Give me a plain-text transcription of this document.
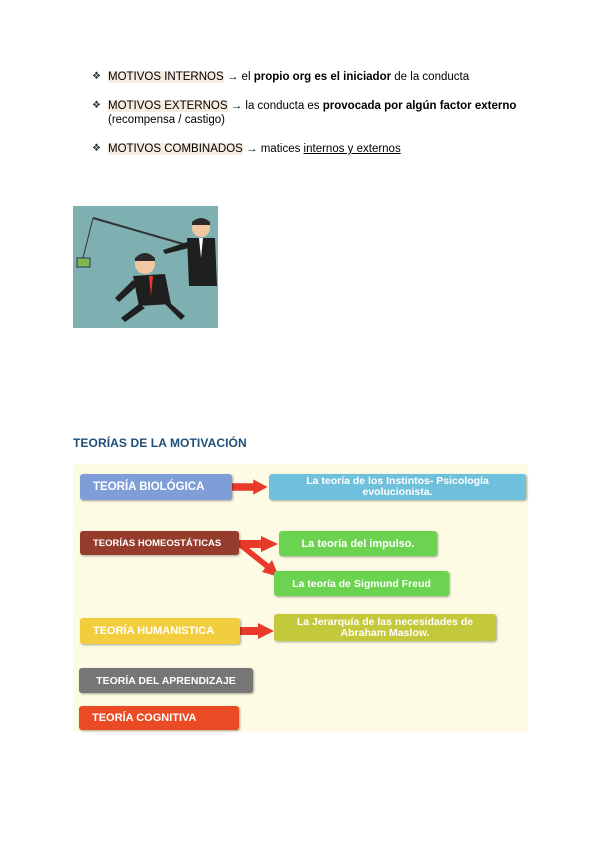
❖ MOTIVOS INTERNOS → el propio org es el iniciador de la conducta
❖ MOTIVOS EXTERNOS → la conducta es provocada por algún factor externo
(recompensa / castigo)
❖ MOTIVOS COMBINADOS → matices internos y externos
TEORÍAS DE LA MOTIVACIÓN
TEORÍA BIOLÓGICA	La teoría de los Instintos- Psicología evolucionista.
TEORÍAS HOMEOSTÁTICAS	La teoría del impulso.
La teoría de Sigmund Freud
TEORÍA HUMANISTICA
La Jerarquía de las necesidades de Abraham Maslow.
TEORÍA DEL APRENDIZAJE
TEORÍA COGNITIVA
